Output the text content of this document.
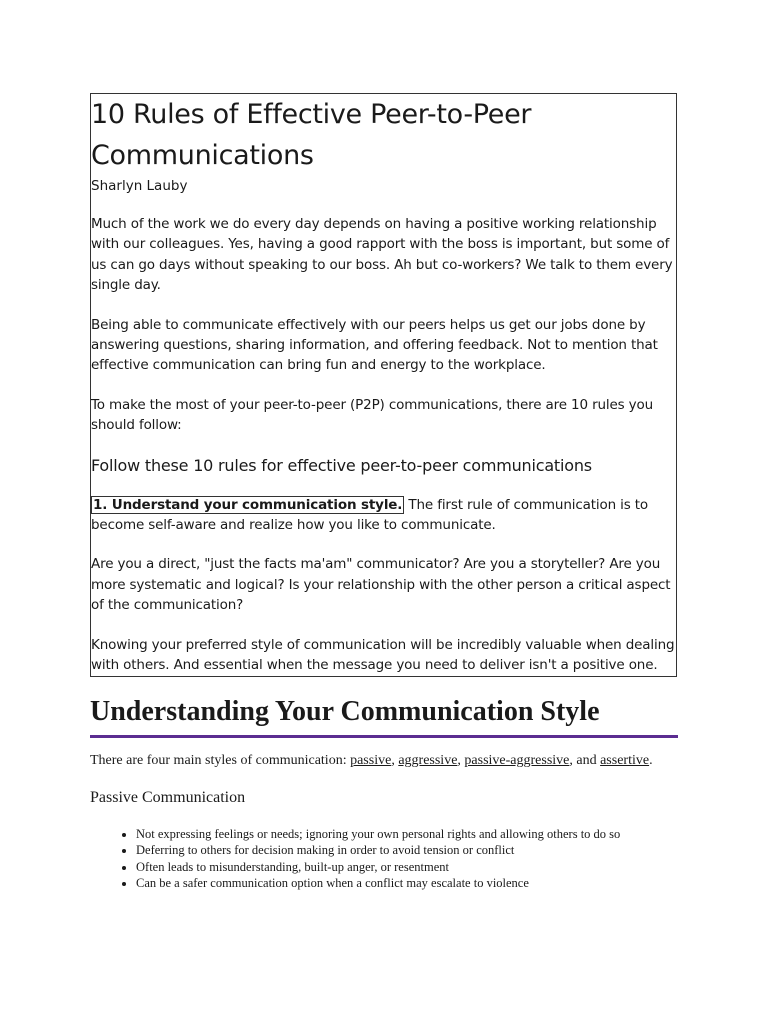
10 Rules of Effective Peer-to-Peer Communications
Sharlyn Lauby

Much of the work we do every day depends on having a positive working relationship with our colleagues. Yes, having a good rapport with the boss is important, but some of us can go days without speaking to our boss. Ah but co-workers? We talk to them every single day.

Being able to communicate effectively with our peers helps us get our jobs done by answering questions, sharing information, and offering feedback. Not to mention that effective communication can bring fun and energy to the workplace.

To make the most of your peer-to-peer (P2P) communications, there are 10 rules you should follow:

Follow these 10 rules for effective peer-to-peer communications

1. Understand your communication style. The first rule of communication is to become self-aware and realize how you like to communicate.

Are you a direct, "just the facts ma'am" communicator? Are you a storyteller? Are you more systematic and logical? Is your relationship with the other person a critical aspect of the communication?

Knowing your preferred style of communication will be incredibly valuable when dealing with others. And essential when the message you need to deliver isn't a positive one.

Understanding Your Communication Style

There are four main styles of communication: passive, aggressive, passive-aggressive, and assertive.

Passive Communication
• Not expressing feelings or needs; ignoring your own personal rights and allowing others to do so
• Deferring to others for decision making in order to avoid tension or conflict
• Often leads to misunderstanding, built-up anger, or resentment
• Can be a safer communication option when a conflict may escalate to violence
